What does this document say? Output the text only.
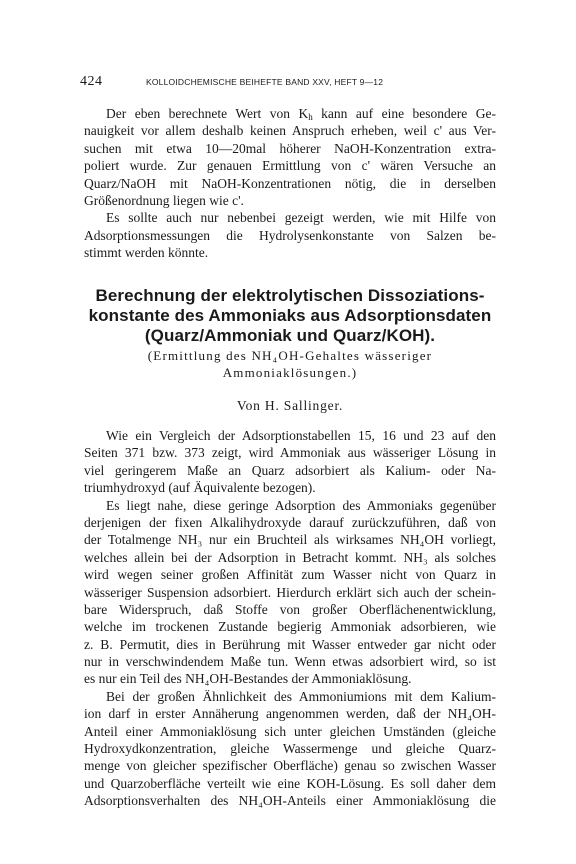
424	KOLLOIDCHEMISCHE BEIHEFTE BAND XXV, HEFT 9—12
Der eben berechnete Wert von $K_h$ kann auf eine besondere Ge-
nauigkeit vor allem deshalb keinen Anspruch erheben, weil c' aus Ver-
suchen mit etwa 10—20mal höherer NaOH-Konzentration extra-
poliert wurde. Zur genauen Ermittlung von c' wären Versuche an
Quarz/NaOH mit NaOH-Konzentrationen nötig, die in derselben
Größenordnung liegen wie c'.
Es sollte auch nur nebenbei gezeigt werden, wie mit Hilfe von
Adsorptionsmessungen die Hydrolysenkonstante von Salzen be-
stimmt werden könnte.
Berechnung der elektrolytischen Dissoziations-
konstante des Ammoniaks aus Adsorptionsdaten
(Quarz/Ammoniak und Quarz/KOH).
(Ermittlung des NH₄OH-Gehaltes wässeriger
Ammoniaklösungen.)
Von H. Sallinger.
Wie ein Vergleich der Adsorptionstabellen 15, 16 und 23 auf den
Seiten 371 bzw. 373 zeigt, wird Ammoniak aus wässeriger Lösung in
viel geringerem Maße an Quarz adsorbiert als Kalium- oder Na-
triumhydroxyd (auf Äquivalente bezogen).
Es liegt nahe, diese geringe Adsorption des Ammoniaks gegenüber
derjenigen der fixen Alkalihydroxyde darauf zurückzuführen, daß von
der Totalmenge NH₃ nur ein Bruchteil als wirksames NH₄OH vorliegt,
welches allein bei der Adsorption in Betracht kommt. NH₃ als solches
wird wegen seiner großen Affinität zum Wasser nicht von Quarz in
wässeriger Suspension adsorbiert. Hierdurch erklärt sich auch der schein-
bare Widerspruch, daß Stoffe von großer Oberflächenentwicklung,
welche im trockenen Zustande begierig Ammoniak adsorbieren, wie
z. B. Permutit, dies in Berührung mit Wasser entweder gar nicht oder
nur in verschwindendem Maße tun. Wenn etwas adsorbiert wird, so ist
es nur ein Teil des NH₄OH-Bestandes der Ammoniaklösung.
Bei der großen Ähnlichkeit des Ammoniumions mit dem Kalium-
ion darf in erster Annäherung angenommen werden, daß der NH₄OH-
Anteil einer Ammoniaklösung sich unter gleichen Umständen (gleiche
Hydroxydkonzentration, gleiche Wassermenge und gleiche Quarz-
menge von gleicher spezifischer Oberfläche) genau so zwischen Wasser
und Quarzoberfläche verteilt wie eine KOH-Lösung. Es soll daher dem
Adsorptionsverhalten des NH₄OH-Anteils einer Ammoniaklösung die
